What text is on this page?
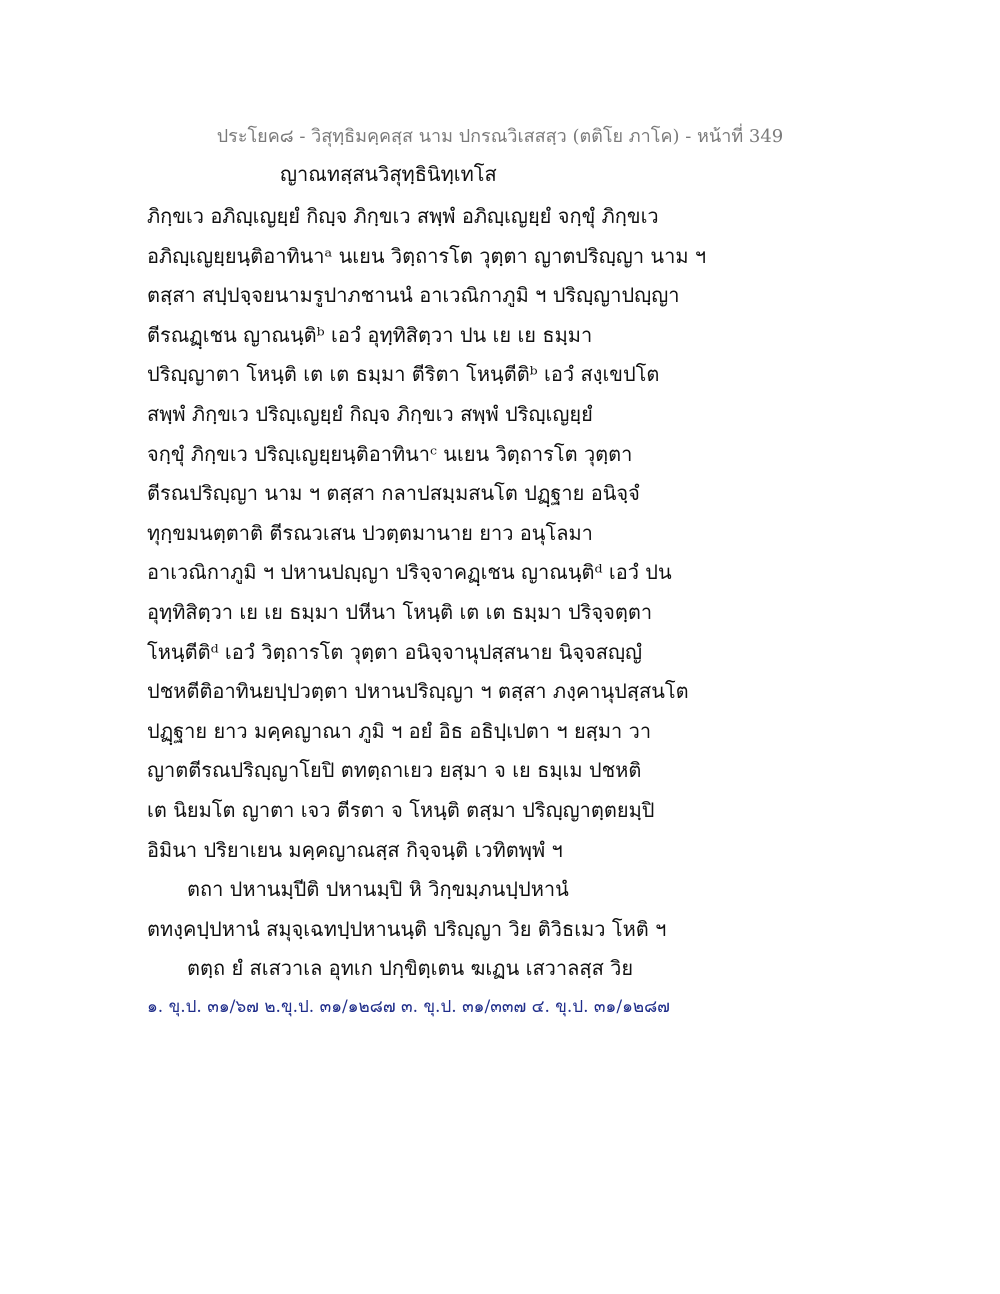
ประโยค๘ - วิสุทฺธิมคฺคสฺส นาม ปกรณวิเสสสฺว (ตติโย ภาโค) - หน้าที่ 349
ญาณทสฺสนวิสุทฺธินิทฺเทโส
ภิกฺขเว อภิญฺเญยฺยํ กิญฺจ ภิกฺขเว สพฺพํ อภิญฺเญยฺยํ จกฺขุํ ภิกฺขเว
อภิญฺเญยฺยนฺติอาทินาᵃ นเยน วิตฺถารโต วุตฺตา ญาตปริญฺญา นาม ฯ
ตสฺสา สปฺปจฺจยนามรูปาภชานนํ อาเวณิกาภูมิ ฯ ปริญฺญาปญฺญา
ตีรณฏฺเชน ญาณนฺติᵇ เอวํ อุทฺทิสิตฺวา ปน เย เย ธมฺมา
ปริญฺญาตา โหนฺติ เต เต ธมฺมา ตีริตา โหนฺตีติᵇ เอวํ สงฺเขปโต
สพฺพํ ภิกฺขเว ปริญฺเญยฺยํ กิญฺจ ภิกฺขเว สพฺพํ ปริญฺเญยฺยํ
จกฺขุํ ภิกฺขเว ปริญฺเญยฺยนฺติอาทินาᶜ นเยน วิตฺถารโต วุตฺตา
ตีรณปริญฺญา นาม ฯ ตสฺสา กลาปสมฺมสนโต ปฏฺฐาย อนิจฺจํ
ทุกฺขมนตฺตาติ ตีรณวเสน ปวตฺตมานาย ยาว อนุโลมา
อาเวณิกาภูมิ ฯ ปหานปญฺญา ปริจฺจาคฏฺเชน ญาณนฺติᵈ เอวํ ปน
อุทฺทิสิตฺวา เย เย ธมฺมา ปหีนา โหนฺติ เต เต ธมฺมา ปริจฺจตฺตา
โหนฺตีติᵈ เอวํ วิตฺถารโต วุตฺตา อนิจฺจานุปสฺสนาย นิจฺจสญฺญํ
ปชหตีติอาทินยปฺปวตฺตา ปหานปริญฺญา ฯ ตสฺสา ภงฺคานุปสฺสนโต
ปฏฺฐาย ยาว มคฺคญาณา ภูมิ ฯ อยํ อิธ อธิปฺเปตา ฯ ยสฺมา วา
ญาตตีรณปริญฺญาโยปิ ตทตฺถาเยว ยสฺมา จ เย ธมฺเม ปชหติ
เต นิยมโต ญาตา เจว ตีรตา จ โหนฺติ ตสฺมา ปริญฺญาตฺตยมฺปิ
อิมินา ปริยาเยน มคฺคญาณสฺส กิจฺจนฺติ เวทิตพฺพํ ฯ
ตถา ปหานมฺปีติ ปหานมฺปิ หิ วิกฺขมฺภนปฺปหานํ
ตทงฺคปฺปหานํ สมุจฺเฉทปฺปหานนฺติ ปริญฺญา วิย ติวิธเมว โหติ ฯ
ตตฺถ ยํ สเสวาเล อุทเก ปกฺขิตฺเตน ฆเฏน เสวาลสฺส วิย
๑. ขุ.ป. ๓๑/๖๗ ๒.ขุ.ป. ๓๑/๑๒๘๗ ๓. ขุ.ป. ๓๑/๓๓๗ ๔. ขุ.ป. ๓๑/๑๒๘๗
